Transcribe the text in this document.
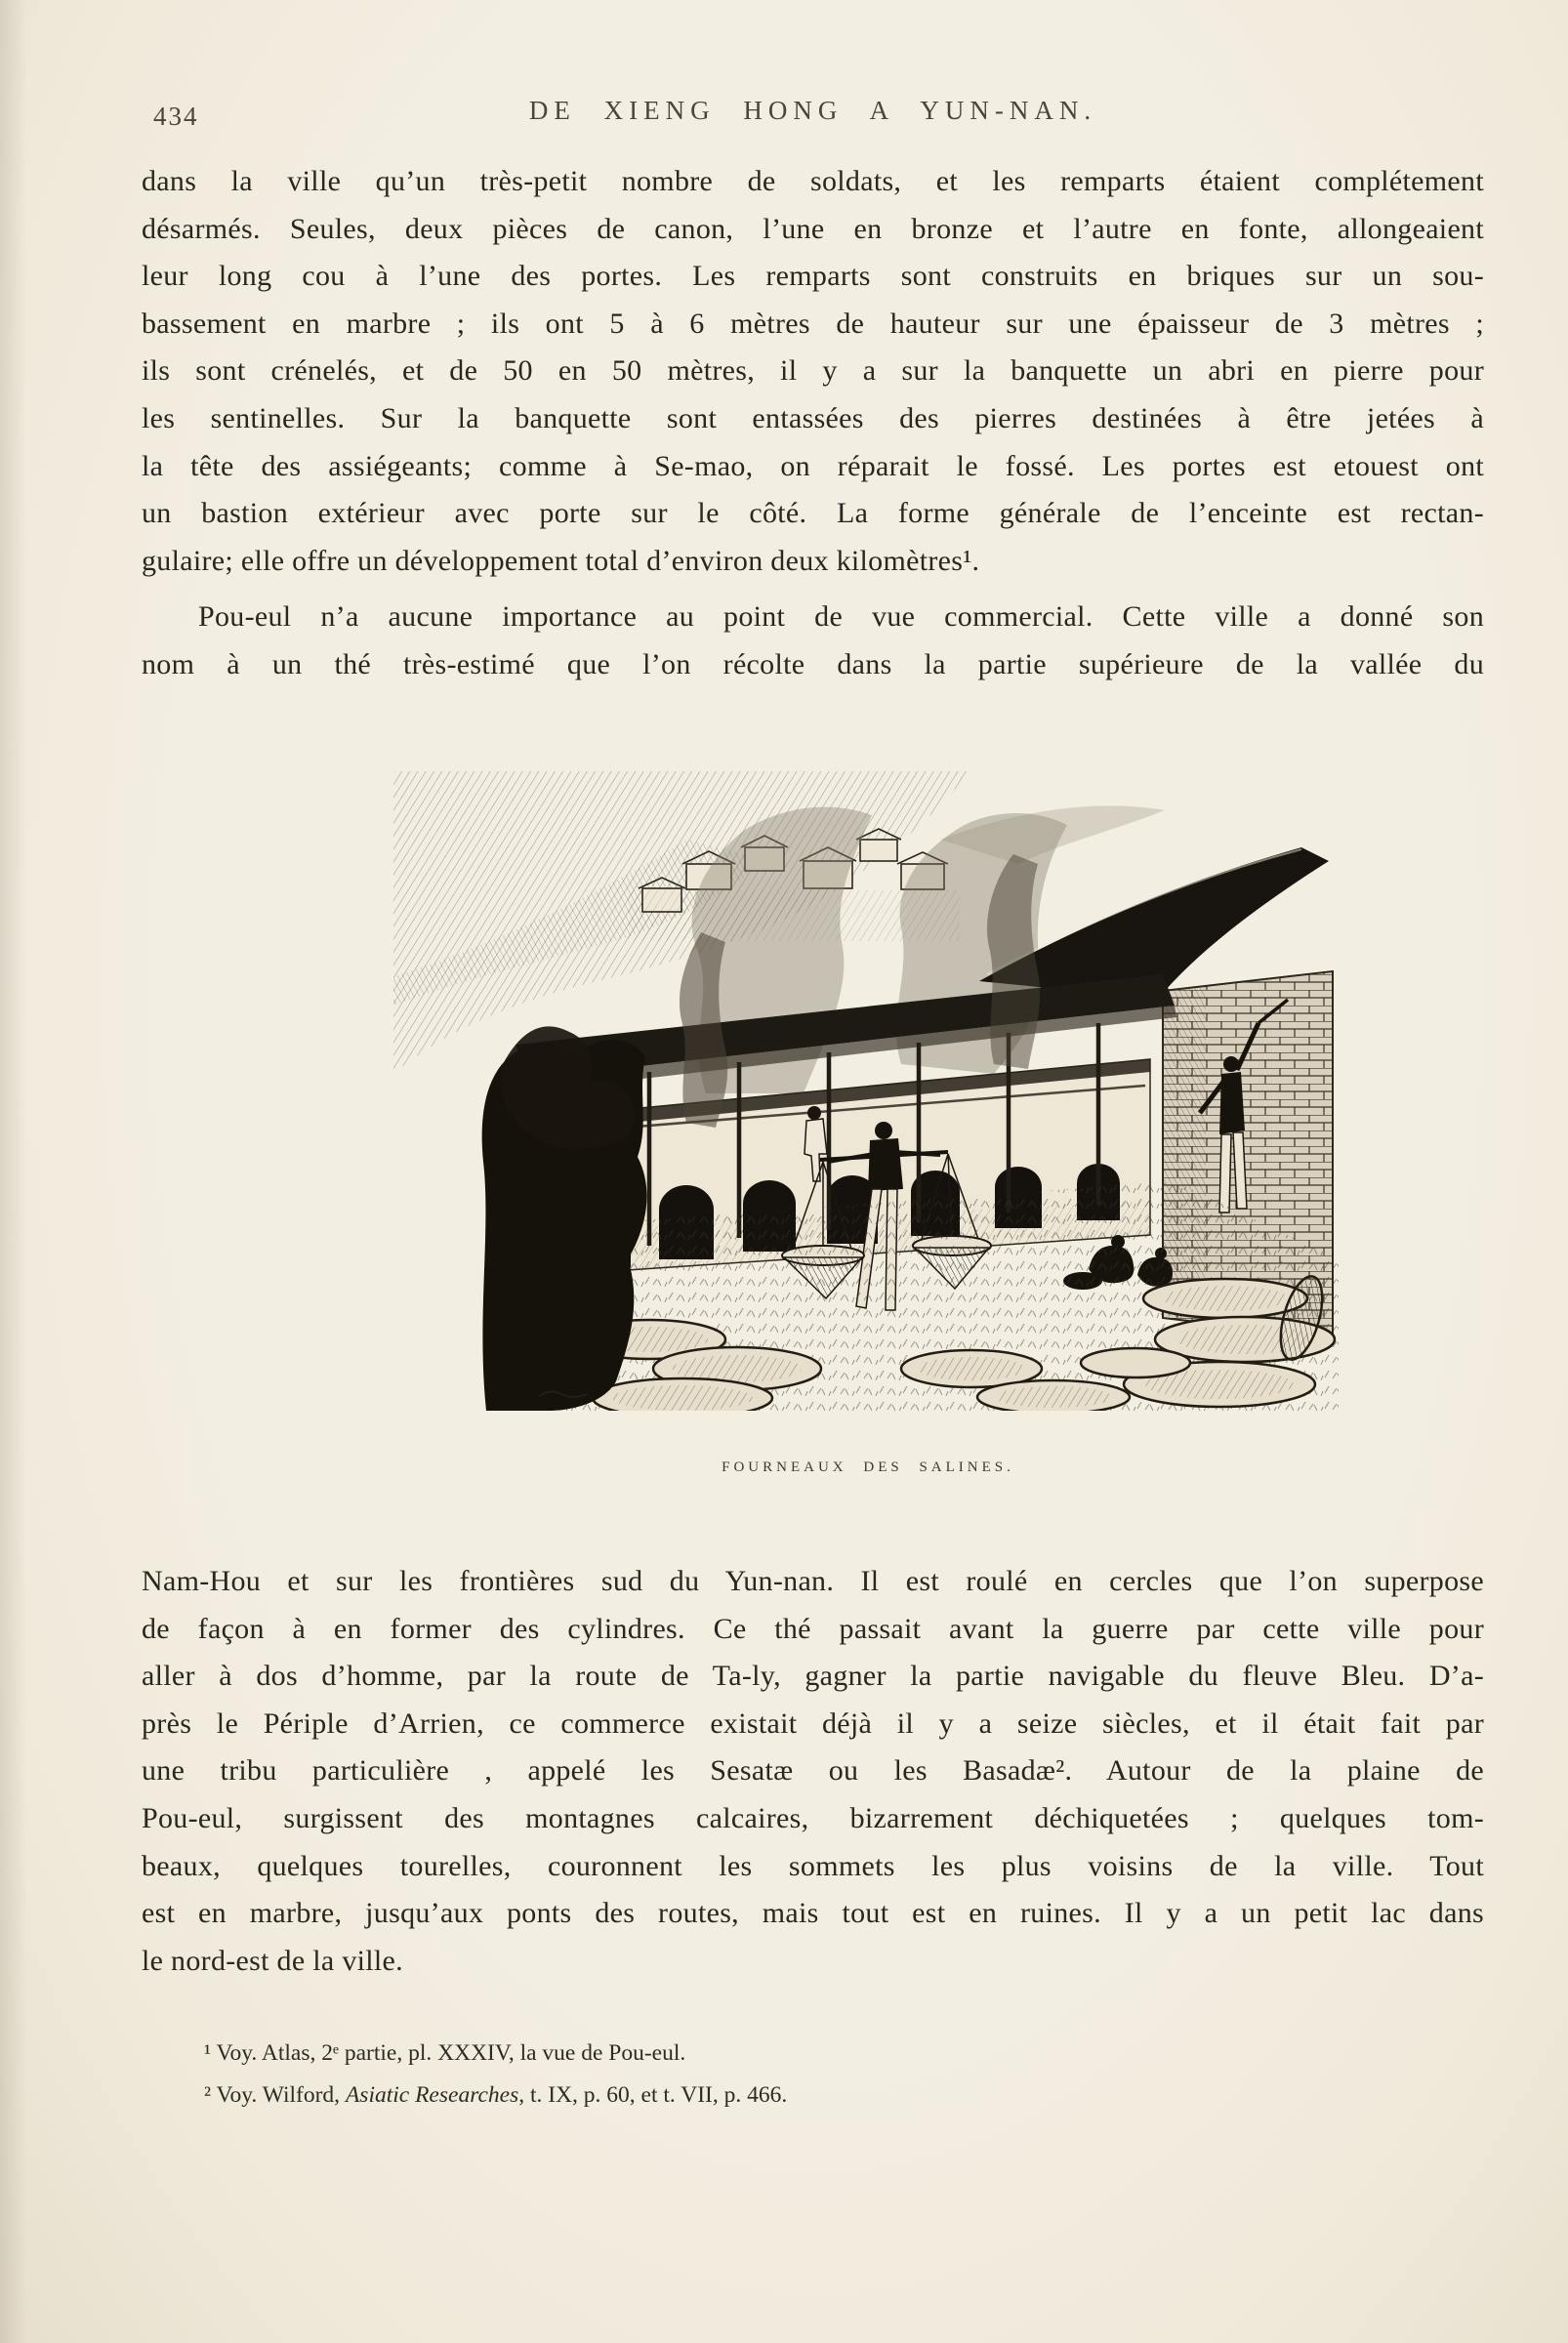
434	DE XIENG HONG A YUN-NAN.
dans la ville qu’un très-petit nombre de soldats, et les remparts étaient complétement
désarmés. Seules, deux pièces de canon, l’une en bronze et l’autre en fonte, allongeaient
leur long cou à l’une des portes. Les remparts sont construits en briques sur un sou-
bassement en marbre ; ils ont 5 à 6 mètres de hauteur sur une épaisseur de 3 mètres ;
ils sont crénelés, et de 50 en 50 mètres, il y a sur la banquette un abri en pierre pour
les sentinelles. Sur la banquette sont entassées des pierres destinées à être jetées à
la tête des assiégeants; comme à Se-mao, on réparait le fossé. Les portes est etouest ont
un bastion extérieur avec porte sur le côté. La forme générale de l’enceinte est rectan-
gulaire; elle offre un développement total d’environ deux kilomètres¹.
Pou-eul n’a aucune importance au point de vue commercial. Cette ville a donné son
nom à un thé très-estimé que l’on récolte dans la partie supérieure de la vallée du
FOURNEAUX DES SALINES.
Nam-Hou et sur les frontières sud du Yun-nan. Il est roulé en cercles que l’on superpose
de façon à en former des cylindres. Ce thé passait avant la guerre par cette ville pour
aller à dos d’homme, par la route de Ta-ly, gagner la partie navigable du fleuve Bleu. D’a-
près le Périple d’Arrien, ce commerce existait déjà il y a seize siècles, et il était fait par
une tribu particulière , appelé les Sesatæ ou les Basadæ². Autour de la plaine de
Pou-eul, surgissent des montagnes calcaires, bizarrement déchiquetées ; quelques tom-
beaux, quelques tourelles, couronnent les sommets les plus voisins de la ville. Tout
est en marbre, jusqu’aux ponts des routes, mais tout est en ruines. Il y a un petit lac dans
le nord-est de la ville.
¹ Voy. Atlas, 2ᵉ partie, pl. XXXIV, la vue de Pou-eul.
² Voy. Wilford, Asiatic Researches, t. IX, p. 60, et t. VII, p. 466.
